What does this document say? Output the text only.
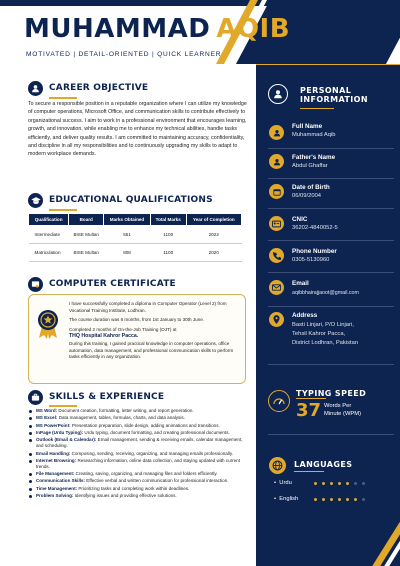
MUHAMMAD AQIB
MOTIVATED | DETAIL-ORIENTED | QUICK LEARNER
CAREER OBJECTIVE
To secure a responsible position in a reputable organization where I can utilize my knowledge of computer operations, Microsoft Office, and communication skills to contribute effectively to organizational success. I aim to work in a professional environment that encourages learning, growth, and innovation, while enabling me to enhance my technical abilities, handle tasks efficiently, and deliver quality results. I am committed to maintaining accuracy, confidentiality, and discipline in all my responsibilities and to continuously upgrading my skills to adapt to modern workplace demands.
EDUCATIONAL QUALIFICATIONS
Qualification	Board	Marks Obtained	Total Marks	Year of Completion
Intermediate	BISE Multan	551	1100	2022
Matriculation	BISE Multan	808	1100	2020
COMPUTER CERTIFICATE

I have successfully completed a diploma in Computer Operator (Level 2) from Vocational Training Institute, Lodhran.

The course duration was 6 months, from 1st January to 30th June.

Completed 2 months of On-the-Job Training (OJT) at

THQ Hospital Kahror Pacca.

During this training, I gained practical knowledge in computer operations, office automation, data management, and professional communication skills to perform tasks efficiently in any organization.

SKILLS & EXPERIENCE
MS Word: Document creation, formatting, letter writing, and report generation.
MS Excel: Data management, tables, formulas, charts, and data analysis.
MS PowerPoint: Presentation preparation, slide design, adding animations and transitions.
InPage (Urdu Typing): Urdu typing, document formatting, and creating professional documents.
Outlook (Email & Calendar): Email management, sending & receiving emails, calendar management, and scheduling.
Email Handling: Composing, sending, receiving, organizing, and managing emails professionally.
Internet Browsing: Researching information, online data collection, and staying updated with current trends.
File Management: Creating, saving, organizing, and managing files and folders efficiently.
Communication Skills: Effective verbal and written communication for professional interaction.
Time Management: Prioritizing tasks and completing work within deadlines.
Problem Solving: Identifying issues and providing effective solutions.
PERSONAL
INFORMATION
Full Name
Muhammad Aqib
Father's Name
Abdul Ghaffar
Date of Birth
06/09/2004
CNIC
36202-4840052-5
Phone Number
0305-5130960
Email
aqibbhairajjaoot@gmail.com
Address
Basti Linjari, P/O Linjari,
Tehsil Kahror Pacca,
District Lodhran, Pakistan
TYPING SPEED
37 Words Per
Minute (WPM)
LANGUAGES
• Urdu
• English
